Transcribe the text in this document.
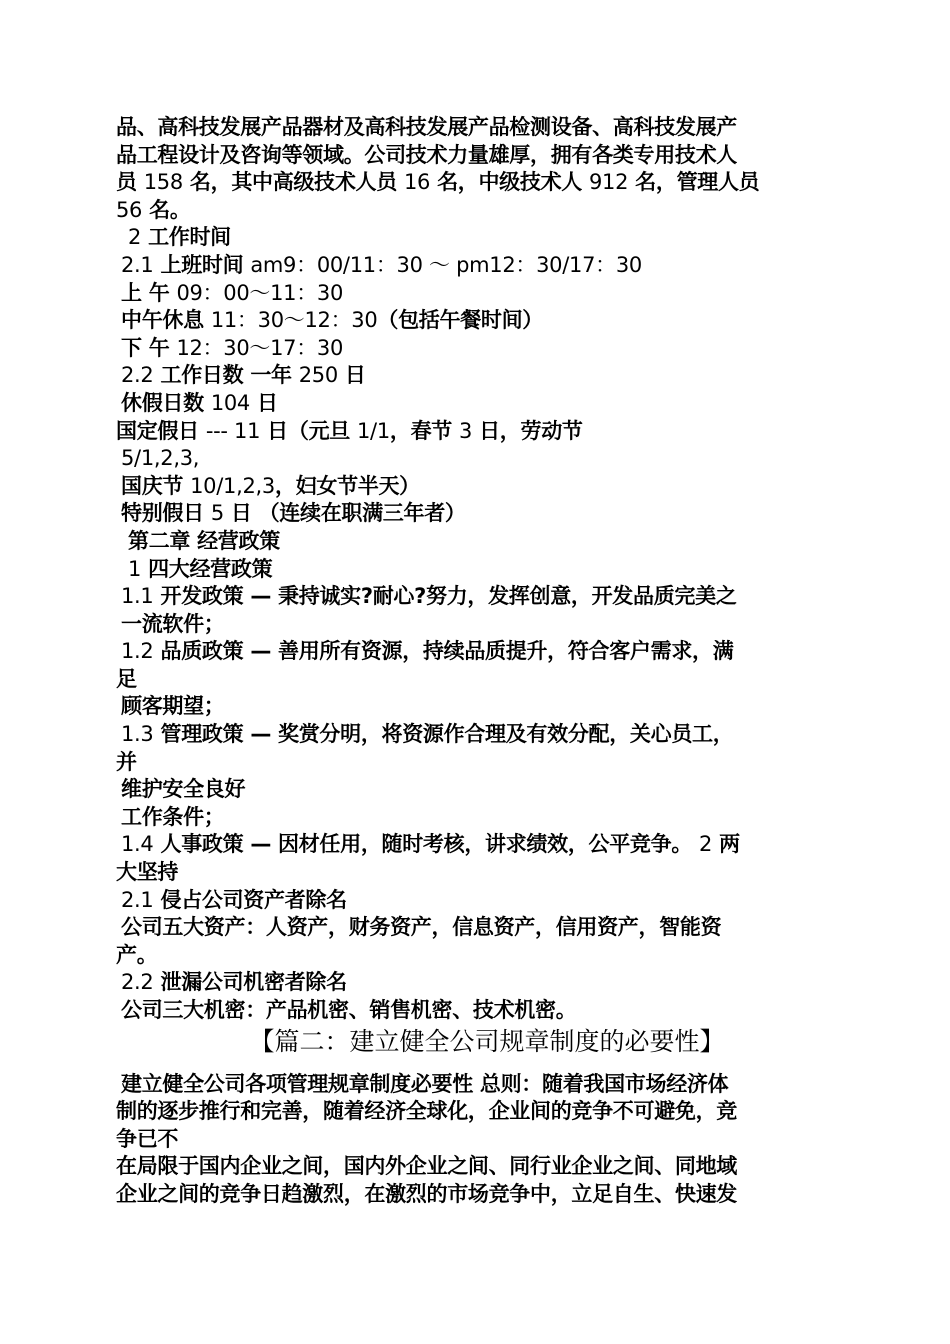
品、高科技发展产品器材及高科技发展产品检测设备、高科技发展产
品工程设计及咨询等领域。公司技术力量雄厚，拥有各类专用技术人
员 158 名，其中高级技术人员 16 名，中级技术人 912 名，管理人员
56 名。
2 工作时间
2.1 上班时间 am9：00/11：30 ～ pm12：30/17：30
上 午 09：00～11：30
中午休息 11：30～12：30（包括午餐时间）
下 午 12：30～17：30
2.2 工作日数 一年 250 日
休假日数 104 日
国定假日 --- 11 日（元旦 1/1，春节 3 日，劳动节
5/1,2,3,
国庆节 10/1,2,3，妇女节半天）
特别假日 5 日 （连续在职满三年者）
第二章 经营政策
1 四大经营政策
1.1 开发政策 — 秉持诚实?耐心?努力，发挥创意，开发品质完美之
一流软件；
1.2 品质政策 — 善用所有资源，持续品质提升，符合客户需求，满
足
顾客期望；
1.3 管理政策 — 奖赏分明，将资源作合理及有效分配，关心员工，
并
维护安全良好
工作条件；
1.4 人事政策 — 因材任用，随时考核，讲求绩效，公平竞争。 2 两
大坚持
2.1 侵占公司资产者除名
公司五大资产：人资产，财务资产，信息资产，信用资产，智能资
产。
2.2 泄漏公司机密者除名
公司三大机密：产品机密、销售机密、技术机密。
【篇二：建立健全公司规章制度的必要性】
建立健全公司各项管理规章制度必要性 总则：随着我国市场经济体
制的逐步推行和完善，随着经济全球化，企业间的竞争不可避免，竞
争已不
在局限于国内企业之间，国内外企业之间、同行业企业之间、同地域
企业之间的竞争日趋激烈，在激烈的市场竞争中，立足自生、快速发
